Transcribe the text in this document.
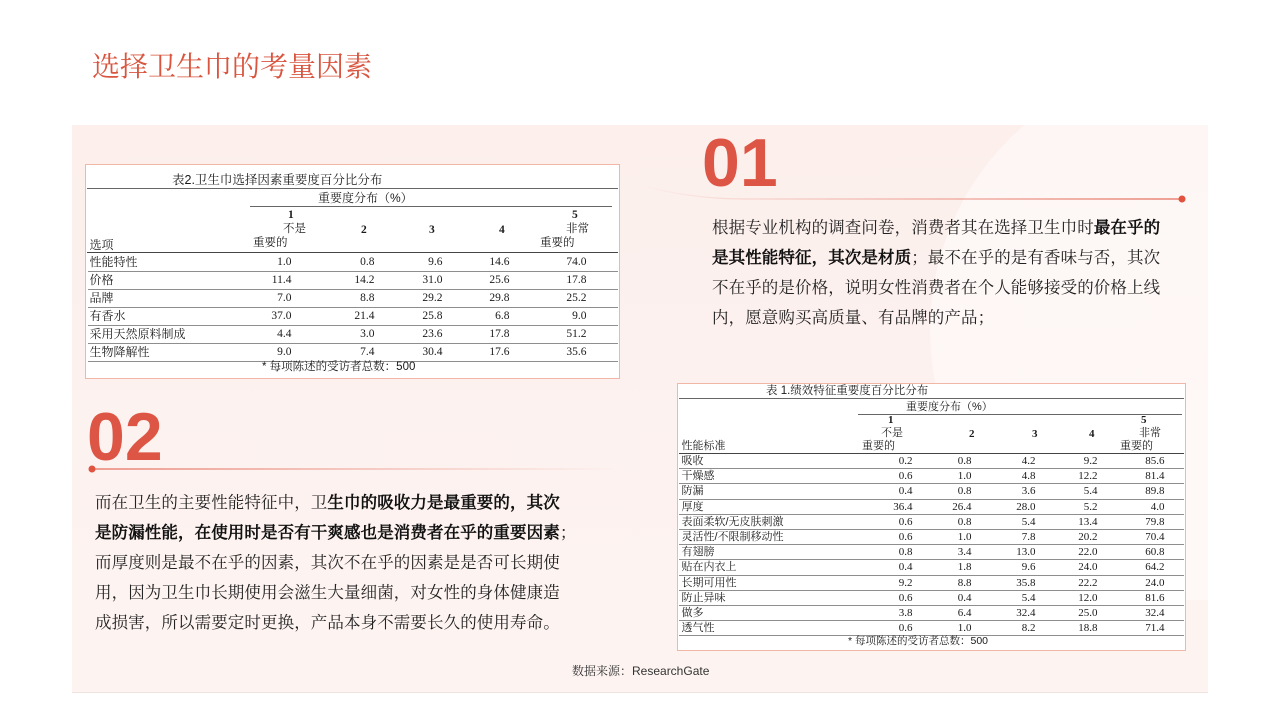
选择卫生巾的考量因素
表2.卫生巾选择因素重要度百分比分布
重要度分布（%）
选项
1
不是
重要的
2	3	4
5
非常
重要的
性能特性	1.0	0.8	9.6	14.6	74.0
价格	11.4	14.2	31.0	25.6	17.8
品牌	7.0	8.8	29.2	29.8	25.2
有香水	37.0	21.4	25.8	6.8	9.0
采用天然原料制成	4.4	3.0	23.6	17.8	51.2
生物降解性	9.0	7.4	30.4	17.6	35.6
* 每项陈述的受访者总数：500
01
根据专业机构的调查问卷，消费者其在选择卫生巾时最在乎的
是其性能特征，其次是材质；最不在乎的是有香味与否，其次
不在乎的是价格，说明女性消费者在个人能够接受的价格上线
内，愿意购买高质量、有品牌的产品；
02
而在卫生的主要性能特征中，卫生巾的吸收力是最重要的，其次
是防漏性能，在使用时是否有干爽感也是消费者在乎的重要因素；
而厚度则是最不在乎的因素，其次不在乎的因素是是否可长期使
用，因为卫生巾长期使用会滋生大量细菌，对女性的身体健康造
成损害，所以需要定时更换，产品本身不需要长久的使用寿命。
表 1.绩效特征重要度百分比分布
重要度分布（%）
性能标准
1
不是
重要的
2	3	4
5
非常
重要的
吸收	0.2	0.8	4.2	9.2	85.6
干燥感	0.6	1.0	4.8	12.2	81.4
防漏	0.4	0.8	3.6	5.4	89.8
厚度	36.4	26.4	28.0	5.2	4.0
表面柔软/无皮肤刺激	0.6	0.8	5.4	13.4	79.8
灵活性/不限制移动性	0.6	1.0	7.8	20.2	70.4
有翅膀	0.8	3.4	13.0	22.0	60.8
贴在内衣上	0.4	1.8	9.6	24.0	64.2
长期可用性	9.2	8.8	35.8	22.2	24.0
防止异味	0.6	0.4	5.4	12.0	81.6
做多	3.8	6.4	32.4	25.0	32.4
透气性	0.6	1.0	8.2	18.8	71.4
* 每项陈述的受访者总数：500
数据来源：ResearchGate
